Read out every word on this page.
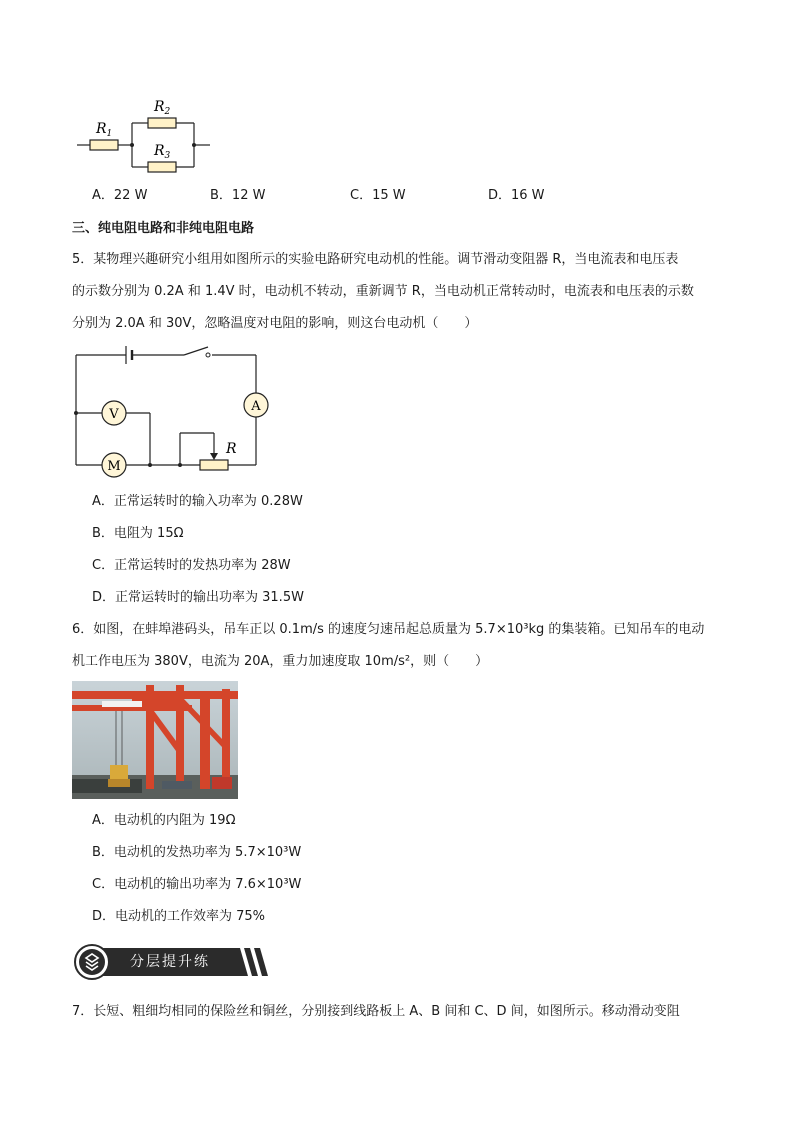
$R_1$
$R_2$
$R_3$
A．22 W	B．12 W	C．15 W	D．16 W
三、纯电阻电路和非纯电阻电路
5．某物理兴趣研究小组用如图所示的实验电路研究电动机的性能。调节滑动变阻器 R，当电流表和电压表
的示数分别为 0.2A 和 1.4V 时，电动机不转动，重新调节 R，当电动机正常转动时，电流表和电压表的示数
分别为 2.0A 和 30V，忽略温度对电阻的影响，则这台电动机（　　）
A
V
M
R
A．正常运转时的输入功率为 0.28W
B．电阻为 15Ω
C．正常运转时的发热功率为 28W
D．正常运转时的输出功率为 31.5W
6．如图，在蚌埠港码头，吊车正以 0.1m/s 的速度匀速吊起总质量为 5.7×10³kg 的集装箱。已知吊车的电动
机工作电压为 380V，电流为 20A，重力加速度取 10m/s²，则（　　）
A．电动机的内阻为 19Ω
B．电动机的发热功率为 5.7×10³W
C．电动机的输出功率为 7.6×10³W
D．电动机的工作效率为 75%
分层提升练
7．长短、粗细均相同的保险丝和铜丝，分别接到线路板上 A、B 间和 C、D 间，如图所示。移动滑动变阻
